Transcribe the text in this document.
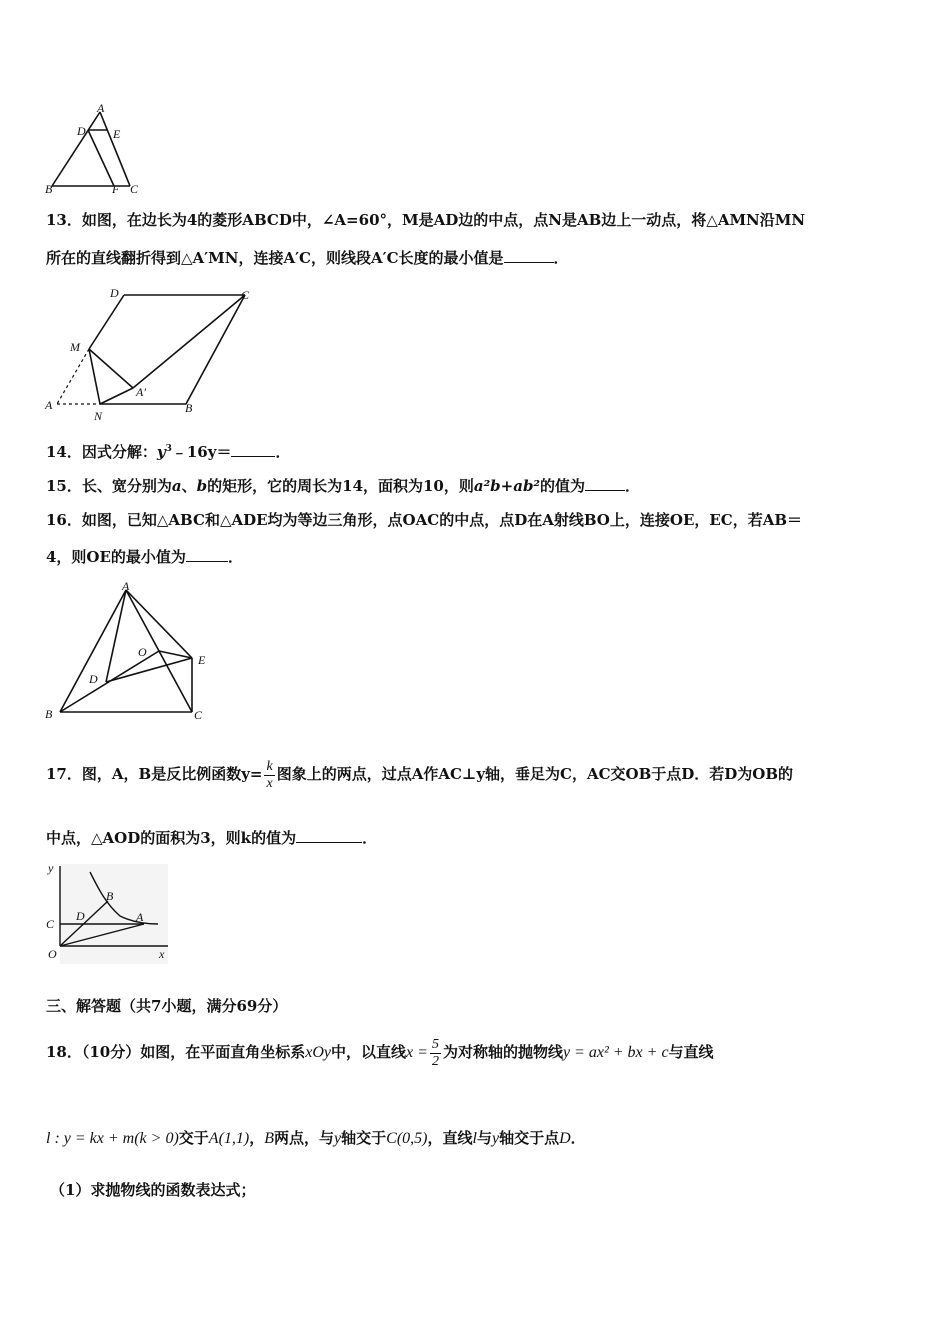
A
D E
B	F C
13．如图，在边长为4的菱形ABCD中，∠A=60°，M是AD边的中点，点N是AB边上一动点，将△AMN沿MN
所在的直线翻折得到△A′MN，连接A′C，则线段A′C长度的最小值是	．
D	C
M
A′
A
N
B
14．因式分解：$y^3﹣16y=$	．
15．长、宽分别为a、b的矩形，它的周长为14，面积为10，则a²b+ab²的值为	．
16．如图，已知△ABC和△ADE均为等边三角形，点OAC的中点，点D在A射线BO上，连接OE，EC，若AB＝
4，则OE的最小值为	．
A
O
E
D
B	C
17．图，A，B是反比例函数$y= \frac{k}{x}$ 图象上的两点，过点A作AC⊥y轴，垂足为C，AC交OB于点D．若D为OB的
中点，△AOD的面积为3，则k的值为	．
y
B
C
D	A
O	x
三、解答题（共7小题，满分69分）
18．（10分）如图，在平面直角坐标系xOy中，以直线$x = \frac{5}{2}$ 为对称轴的抛物线y = ax² + bx + c与直线
l : y = kx + m(k > 0)交于A(1,1)，B两点，与y轴交于C(0,5)，直线l与y轴交于点D．
（1）求抛物线的函数表达式；
